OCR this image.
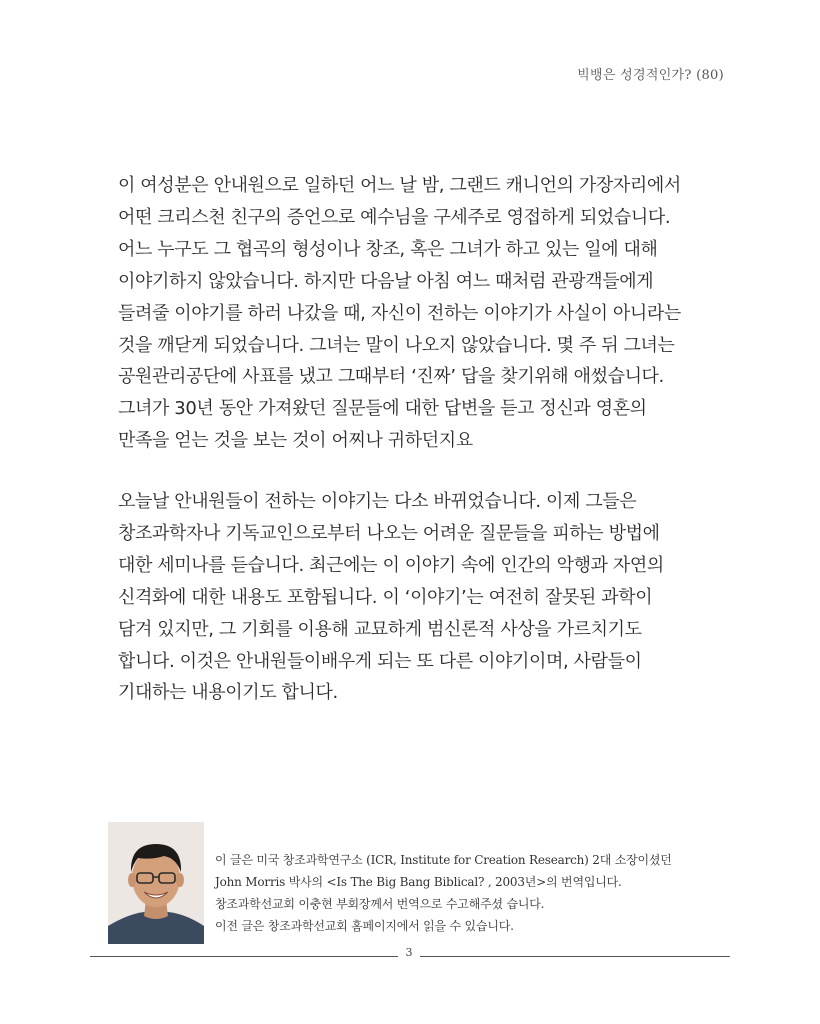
빅뱅은 성경적인가? (80)
이 여성분은 안내원으로 일하던 어느 날 밤, 그랜드 캐니언의 가장자리에서
어떤 크리스천 친구의 증언으로 예수님을 구세주로 영접하게 되었습니다.
어느 누구도 그 협곡의 형성이나 창조, 혹은 그녀가 하고 있는 일에 대해
이야기하지 않았습니다. 하지만 다음날 아침 여느 때처럼 관광객들에게
들려줄 이야기를 하러 나갔을 때, 자신이 전하는 이야기가 사실이 아니라는
것을 깨닫게 되었습니다. 그녀는 말이 나오지 않았습니다. 몇 주 뒤 그녀는
공원관리공단에 사표를 냈고 그때부터 ‘진짜’ 답을 찾기위해 애썼습니다.
그녀가 30년 동안 가져왔던 질문들에 대한 답변을 듣고 정신과 영혼의
만족을 얻는 것을 보는 것이 어찌나 귀하던지요
오늘날 안내원들이 전하는 이야기는 다소 바뀌었습니다. 이제 그들은
창조과학자나 기독교인으로부터 나오는 어려운 질문들을 피하는 방법에
대한 세미나를 듣습니다. 최근에는 이 이야기 속에 인간의 악행과 자연의
신격화에 대한 내용도 포함됩니다. 이 ‘이야기’는 여전히 잘못된 과학이
담겨 있지만, 그 기회를 이용해 교묘하게 범신론적 사상을 가르치기도
합니다. 이것은 안내원들이배우게 되는 또 다른 이야기이며, 사람들이
기대하는 내용이기도 합니다.
이 글은 미국 창조과학연구소 (ICR, Institute for Creation Research) 2대 소장이셨던
John Morris 박사의 <Is The Big Bang Biblical? , 2003년>의 번역입니다.
창조과학선교회 이충현 부회장께서 번역으로 수고해주셨 습니다.
이전 글은 창조과학선교회 홈페이지에서 읽을 수 있습니다.
3
